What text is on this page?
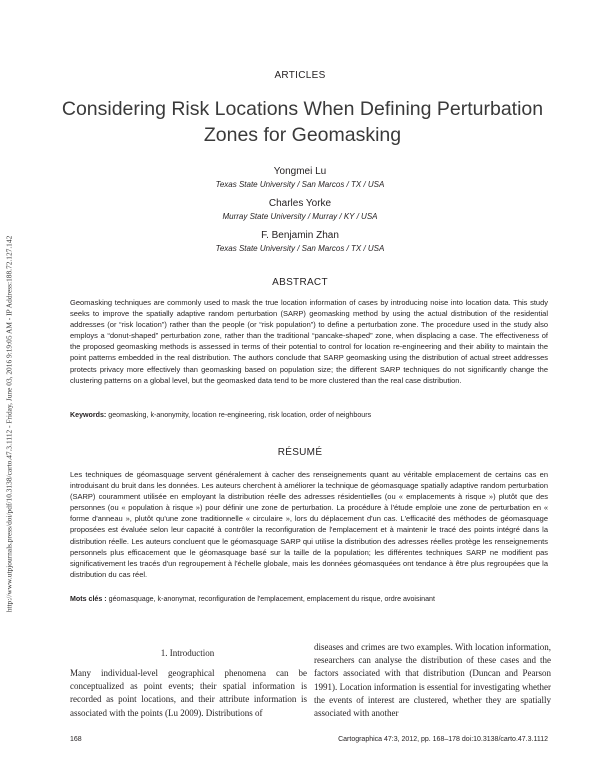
http://www.utpjournals.press/doi/pdf/10.3138/carto.47.3.1112 - Friday, June 03, 2016 9:19:05 AM - IP Address:188.72.127.142
ARTICLES
Considering Risk Locations When Defining Perturbation Zones for Geomasking
Yongmei Lu
Texas State University / San Marcos / TX / USA
Charles Yorke
Murray State University / Murray / KY / USA
F. Benjamin Zhan
Texas State University / San Marcos / TX / USA
ABSTRACT

Geomasking techniques are commonly used to mask the true location information of cases by introducing noise into location data. This study seeks to improve the spatially adaptive random perturbation (SARP) geomasking method by using the actual distribution of the residential addresses (or “risk location”) rather than the people (or “risk population”) to define a perturbation zone. The procedure used in the study also employs a “donut-shaped” perturbation zone, rather than the traditional “pancake-shaped” zone, when displacing a case. The effectiveness of the proposed geomasking methods is assessed in terms of their potential to control for location re-engineering and their ability to maintain the point patterns embedded in the real distribution. The authors conclude that SARP geomasking using the distribution of actual street addresses protects privacy more effectively than geomasking based on population size; the different SARP techniques do not significantly change the clustering patterns on a global level, but the geomasked data tend to be more clustered than the real case distribution.

Keywords: geomasking, k-anonymity, location re-engineering, risk location, order of neighbours
RÉSUMÉ

Les techniques de géomasquage servent généralement à cacher des renseignements quant au véritable emplacement de certains cas en introduisant du bruit dans les données. Les auteurs cherchent à améliorer la technique de géomasquage spatially adaptive random perturbation (SARP) couramment utilisée en employant la distribution réelle des adresses résidentielles (ou « emplacements à risque ») plutôt que des personnes (ou « population à risque ») pour définir une zone de perturbation. La procédure à l'étude emploie une zone de perturbation en « forme d'anneau », plutôt qu'une zone traditionnelle « circulaire », lors du déplacement d'un cas. L'efficacité des méthodes de géomasquage proposées est évaluée selon leur capacité à contrôler la reconfiguration de l'emplacement et à maintenir le tracé des points intégré dans la distribution réelle. Les auteurs concluent que le géomasquage SARP qui utilise la distribution des adresses réelles protège les renseignements personnels plus efficacement que le géomasquage basé sur la taille de la population; les différentes techniques SARP ne modifient pas significativement les tracés d'un regroupement à l'échelle globale, mais les données géomasquées ont tendance à être plus regroupées que la distribution du cas réel.

Mots clés : géomasquage, k-anonymat, reconfiguration de l'emplacement, emplacement du risque, ordre avoisinant
1. Introduction

Many individual-level geographical phenomena can be conceptualized as point events; their spatial information is recorded as point locations, and their attribute information is associated with the points (Lu 2009). Distributions of

diseases and crimes are two examples. With location information, researchers can analyse the distribution of these cases and the factors associated with that distribution (Duncan and Pearson 1991). Location information is essential for investigating whether the events of interest are clustered, whether they are spatially associated with another

168	Cartographica 47:3, 2012, pp. 168–178 doi:10.3138/carto.47.3.1112
